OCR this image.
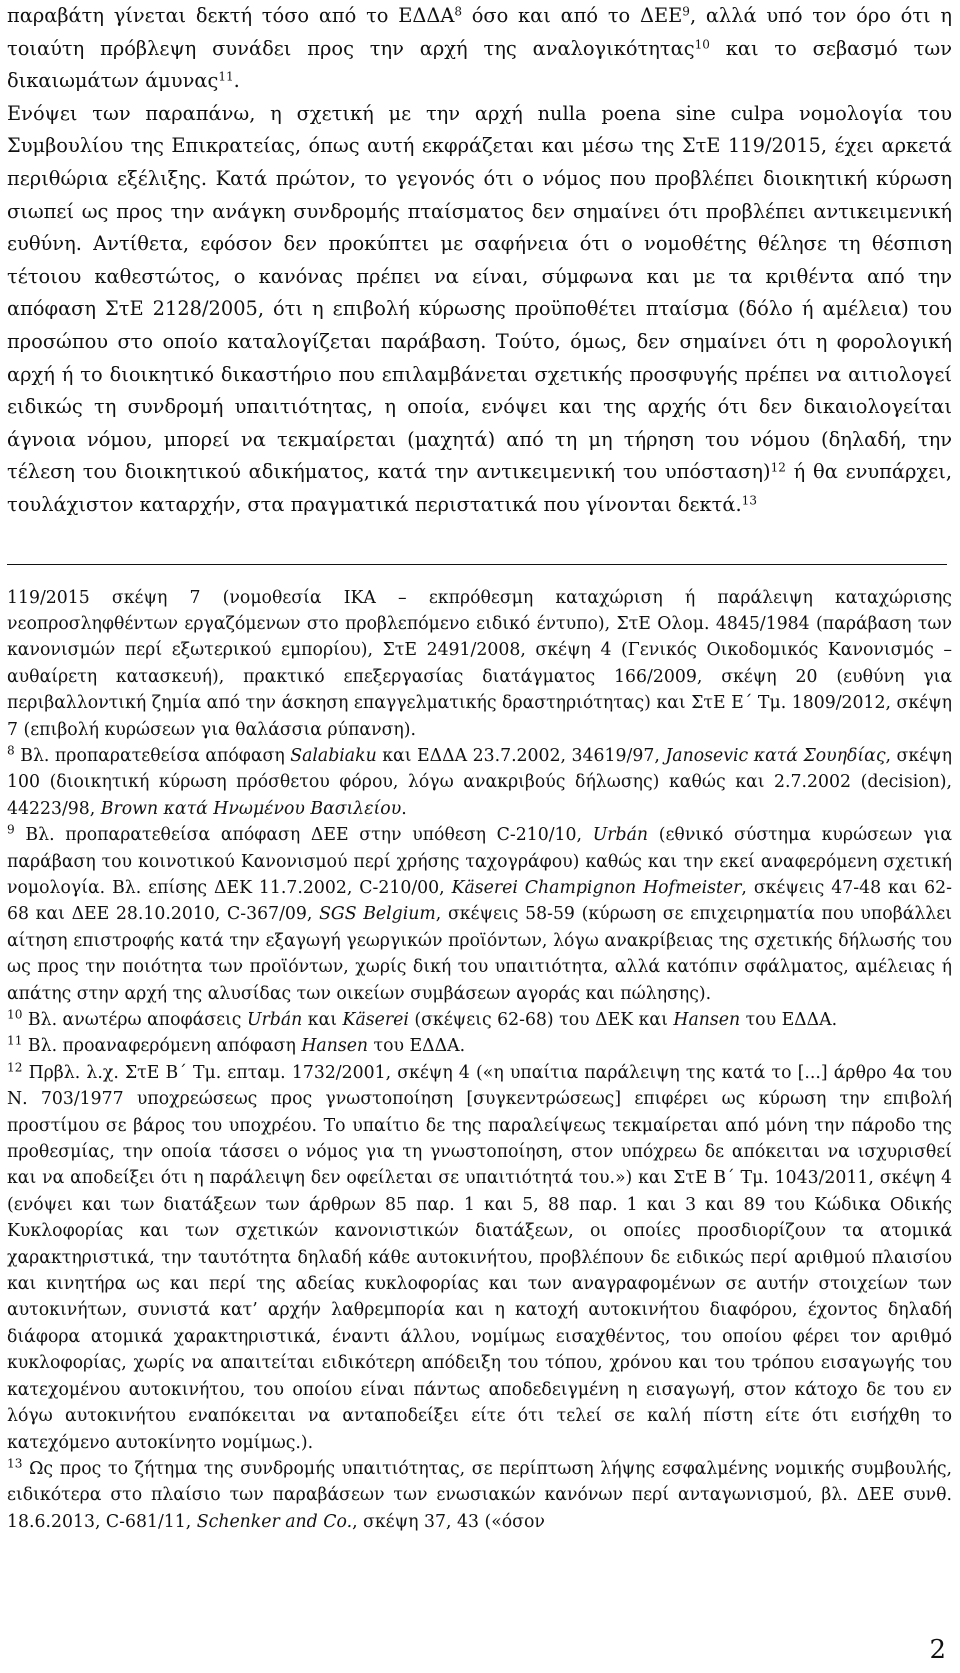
παραβάτη γίνεται δεκτή τόσο από το ΕΔΔΑ$^8$ όσο και από το ΔΕΕ$^9$, αλλά υπό τον όρο ότι η τοιαύτη πρόβλεψη συνάδει προς την αρχή της αναλογικότητας$^{10}$ και το σεβασμό των δικαιωμάτων άμυνας$^{11}$.

Ενόψει των παραπάνω, η σχετική με την αρχή nulla poena sine culpa νομολογία του Συμβουλίου της Επικρατείας, όπως αυτή εκφράζεται και μέσω της ΣτΕ 119/2015, έχει αρκετά περιθώρια εξέλιξης. Κατά πρώτον, το γεγονός ότι ο νόμος που προβλέπει διοικητική κύρωση σιωπεί ως προς την ανάγκη συνδρομής πταίσματος δεν σημαίνει ότι προβλέπει αντικειμενική ευθύνη. Αντίθετα, εφόσον δεν προκύπτει με σαφήνεια ότι ο νομοθέτης θέλησε τη θέσπιση τέτοιου καθεστώτος, ο κανόνας πρέπει να είναι, σύμφωνα και με τα κριθέντα από την απόφαση ΣτΕ 2128/2005, ότι η επιβολή κύρωσης προϋποθέτει πταίσμα (δόλο ή αμέλεια) του προσώπου στο οποίο καταλογίζεται παράβαση. Τούτο, όμως, δεν σημαίνει ότι η φορολογική αρχή ή το διοικητικό δικαστήριο που επιλαμβάνεται σχετικής προσφυγής πρέπει να αιτιολογεί ειδικώς τη συνδρομή υπαιτιότητας, η οποία, ενόψει και της αρχής ότι δεν δικαιολογείται άγνοια νόμου, μπορεί να τεκμαίρεται (μαχητά) από τη μη τήρηση του νόμου (δηλαδή, την τέλεση του διοικητικού αδικήματος, κατά την αντικειμενική του υπόσταση)$^{12}$ ή θα ενυπάρχει, τουλάχιστον καταρχήν, στα πραγματικά περιστατικά που γίνονται δεκτά.$^{13}$

119/2015 σκέψη 7 (νομοθεσία ΙΚΑ – εκπρόθεσμη καταχώριση ή παράλειψη καταχώρισης νεοπροσληφθέντων εργαζόμενων στο προβλεπόμενο ειδικό έντυπο), ΣτΕ Ολομ. 4845/1984 (παράβαση των κανονισμών περί εξωτερικού εμπορίου), ΣτΕ 2491/2008, σκέψη 4 (Γενικός Οικοδομικός Κανονισμός – αυθαίρετη κατασκευή), πρακτικό επεξεργασίας διατάγματος 166/2009, σκέψη 20 (ευθύνη για περιβαλλοντική ζημία από την άσκηση επαγγελματικής δραστηριότητας) και ΣτΕ Ε΄ Τμ. 1809/2012, σκέψη 7 (επιβολή κυρώσεων για θαλάσσια ρύπανση).

$^8$ Βλ. προπαρατεθείσα απόφαση Salabiaku και ΕΔΔΑ 23.7.2002, 34619/97, Janosevic κατά Σουηδίας, σκέψη 100 (διοικητική κύρωση πρόσθετου φόρου, λόγω ανακριβούς δήλωσης) καθώς και 2.7.2002 (decision), 44223/98, Brown κατά Ηνωμένου Βασιλείου.

$^9$ Βλ. προπαρατεθείσα απόφαση ΔΕΕ στην υπόθεση C-210/10, Urbán (εθνικό σύστημα κυρώσεων για παράβαση του κοινοτικού Κανονισμού περί χρήσης ταχογράφου) καθώς και την εκεί αναφερόμενη σχετική νομολογία. Βλ. επίσης ΔΕΚ 11.7.2002, C-210/00, Käserei Champignon Hofmeister, σκέψεις 47-48 και 62-68 και ΔΕΕ 28.10.2010, C-367/09, SGS Belgium, σκέψεις 58-59 (κύρωση σε επιχειρηματία που υποβάλλει αίτηση επιστροφής κατά την εξαγωγή γεωργικών προϊόντων, λόγω ανακρίβειας της σχετικής δήλωσής του ως προς την ποιότητα των προϊόντων, χωρίς δική του υπαιτιότητα, αλλά κατόπιν σφάλματος, αμέλειας ή απάτης στην αρχή της αλυσίδας των οικείων συμβάσεων αγοράς και πώλησης).

$^{10}$ Βλ. ανωτέρω αποφάσεις Urbán και Käserei (σκέψεις 62-68) του ΔΕΚ και Hansen του ΕΔΔΑ.

$^{11}$ Βλ. προαναφερόμενη απόφαση Hansen του ΕΔΔΑ.

$^{12}$ Πρβλ. λ.χ. ΣτΕ Β΄ Τμ. επταμ. 1732/2001, σκέψη 4 («η υπαίτια παράλειψη της κατά το [...] άρθρο 4α του Ν. 703/1977 υποχρεώσεως προς γνωστοποίηση [συγκεντρώσεως] επιφέρει ως κύρωση την επιβολή προστίμου σε βάρος του υποχρέου. Το υπαίτιο δε της παραλείψεως τεκμαίρεται από μόνη την πάροδο της προθεσμίας, την οποία τάσσει ο νόμος για τη γνωστοποίηση, στον υπόχρεω δε απόκειται να ισχυρισθεί και να αποδείξει ότι η παράλειψη δεν οφείλεται σε υπαιτιότητά του.») και ΣτΕ Β΄ Τμ. 1043/2011, σκέψη 4 (ενόψει και των διατάξεων των άρθρων 85 παρ. 1 και 5, 88 παρ. 1 και 3 και 89 του Κώδικα Οδικής Κυκλοφορίας και των σχετικών κανονιστικών διατάξεων, οι οποίες προσδιορίζουν τα ατομικά χαρακτηριστικά, την ταυτότητα δηλαδή κάθε αυτοκινήτου, προβλέπουν δε ειδικώς περί αριθμού πλαισίου και κινητήρα ως και περί της αδείας κυκλοφορίας και των αναγραφομένων σε αυτήν στοιχείων των αυτοκινήτων, συνιστά κατ’ αρχήν λαθρεμπορία και η κατοχή αυτοκινήτου διαφόρου, έχοντος δηλαδή διάφορα ατομικά χαρακτηριστικά, έναντι άλλου, νομίμως εισαχθέντος, του οποίου φέρει τον αριθμό κυκλοφορίας, χωρίς να απαιτείται ειδικότερη απόδειξη του τόπου, χρόνου και του τρόπου εισαγωγής του κατεχομένου αυτοκινήτου, του οποίου είναι πάντως αποδεδειγμένη η εισαγωγή, στον κάτοχο δε του εν λόγω αυτοκινήτου εναπόκειται να ανταποδείξει είτε ότι τελεί σε καλή πίστη είτε ότι εισήχθη το κατεχόμενο αυτοκίνητο νομίμως.).

$^{13}$ Ως προς το ζήτημα της συνδρομής υπαιτιότητας, σε περίπτωση λήψης εσφαλμένης νομικής συμβουλής, ειδικότερα στο πλαίσιο των παραβάσεων των ενωσιακών κανόνων περί ανταγωνισμού, βλ. ΔΕΕ συνθ. 18.6.2013, C-681/11, Schenker and Co., σκέψη 37, 43 («όσον

2
